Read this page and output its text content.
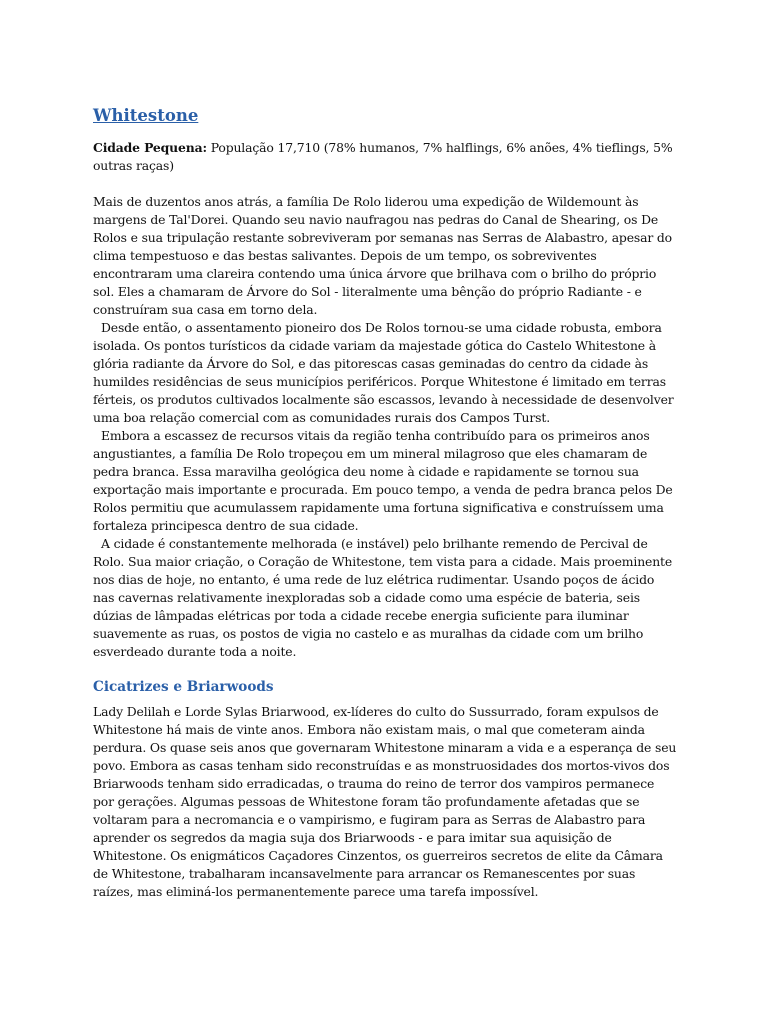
Whitestone

Cidade Pequena: População 17,710 (78% humanos, 7% halflings, 6% anões, 4% tieflings, 5% outras raças)

Mais de duzentos anos atrás, a família De Rolo liderou uma expedição de Wildemount às margens de Tal'Dorei. Quando seu navio naufragou nas pedras do Canal de Shearing, os De Rolos e sua tripulação restante sobreviveram por semanas nas Serras de Alabastro, apesar do clima tempestuoso e das bestas salivantes. Depois de um tempo, os sobreviventes encontraram uma clareira contendo uma única árvore que brilhava com o brilho do próprio sol. Eles a chamaram de Árvore do Sol - literalmente uma bênção do próprio Radiante - e construíram sua casa em torno dela.

Desde então, o assentamento pioneiro dos De Rolos tornou-se uma cidade robusta, embora isolada. Os pontos turísticos da cidade variam da majestade gótica do Castelo Whitestone à glória radiante da Árvore do Sol, e das pitorescas casas geminadas do centro da cidade às humildes residências de seus municípios periféricos. Porque Whitestone é limitado em terras férteis, os produtos cultivados localmente são escassos, levando à necessidade de desenvolver uma boa relação comercial com as comunidades rurais dos Campos Turst.

Embora a escassez de recursos vitais da região tenha contribuído para os primeiros anos angustiantes, a família De Rolo tropeçou em um mineral milagroso que eles chamaram de pedra branca. Essa maravilha geológica deu nome à cidade e rapidamente se tornou sua exportação mais importante e procurada. Em pouco tempo, a venda de pedra branca pelos De Rolos permitiu que acumulassem rapidamente uma fortuna significativa e construíssem uma fortaleza principesca dentro de sua cidade.

A cidade é constantemente melhorada (e instável) pelo brilhante remendo de Percival de Rolo. Sua maior criação, o Coração de Whitestone, tem vista para a cidade. Mais proeminente nos dias de hoje, no entanto, é uma rede de luz elétrica rudimentar. Usando poços de ácido nas cavernas relativamente inexploradas sob a cidade como uma espécie de bateria, seis dúzias de lâmpadas elétricas por toda a cidade recebe energia suficiente para iluminar suavemente as ruas, os postos de vigia no castelo e as muralhas da cidade com um brilho esverdeado durante toda a noite.

Cicatrizes e Briarwoods

Lady Delilah e Lorde Sylas Briarwood, ex-líderes do culto do Sussurrado, foram expulsos de Whitestone há mais de vinte anos. Embora não existam mais, o mal que cometeram ainda perdura. Os quase seis anos que governaram Whitestone minaram a vida e a esperança de seu povo. Embora as casas tenham sido reconstruídas e as monstruosidades dos mortos-vivos dos Briarwoods tenham sido erradicadas, o trauma do reino de terror dos vampiros permanece por gerações. Algumas pessoas de Whitestone foram tão profundamente afetadas que se voltaram para a necromancia e o vampirismo, e fugiram para as Serras de Alabastro para aprender os segredos da magia suja dos Briarwoods - e para imitar sua aquisição de Whitestone. Os enigmáticos Caçadores Cinzentos, os guerreiros secretos de elite da Câmara de Whitestone, trabalharam incansavelmente para arrancar os Remanescentes por suas raízes, mas eliminá-los permanentemente parece uma tarefa impossível.
